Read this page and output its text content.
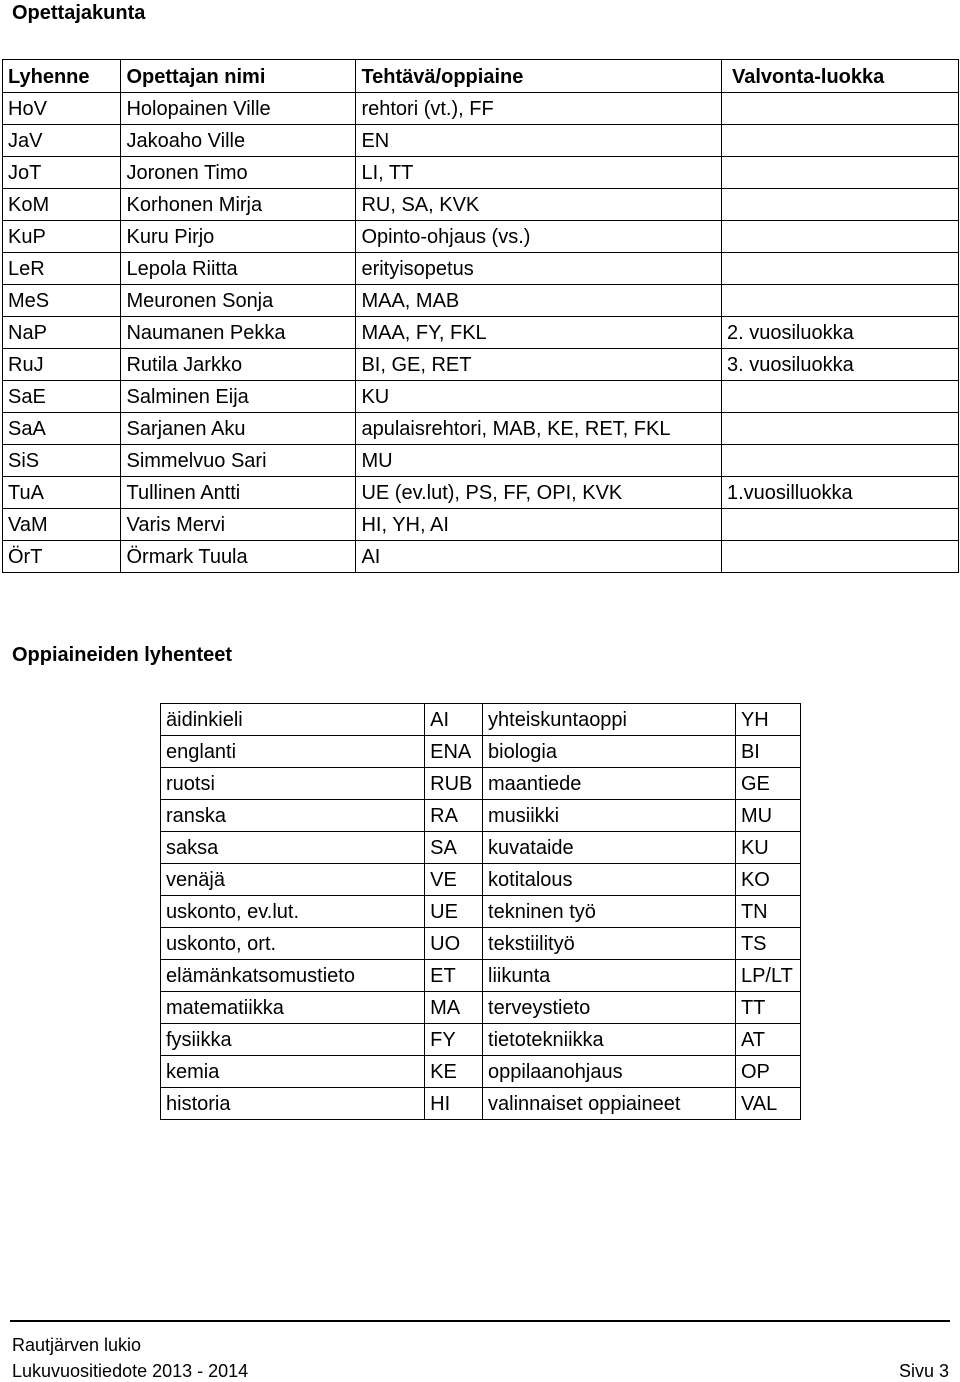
Opettajakunta
Lyhenne	Opettajan nimi	Tehtävä/oppiaine	Valvonta-luokka
HoV	Holopainen Ville	rehtori (vt.), FF	
JaV	Jakoaho Ville	EN	
JoT	Joronen Timo	LI, TT	
KoM	Korhonen Mirja	RU, SA, KVK	
KuP	Kuru Pirjo	Opinto-ohjaus (vs.)	
LeR	Lepola Riitta	erityisopetus	
MeS	Meuronen Sonja	MAA, MAB	
NaP	Naumanen Pekka	MAA, FY, FKL	2. vuosiluokka
RuJ	Rutila Jarkko	BI, GE, RET	3. vuosiluokka
SaE	Salminen Eija	KU	
SaA	Sarjanen Aku	apulaisrehtori, MAB, KE, RET, FKL	
SiS	Simmelvuo Sari	MU	
TuA	Tullinen Antti	UE (ev.lut), PS, FF, OPI, KVK	1.vuosilluokka
VaM	Varis Mervi	HI, YH, AI	
ÖrT	Örmark Tuula	AI	
Oppiaineiden lyhenteet
äidinkieli	AI	yhteiskuntaoppi	YH
englanti	ENA	biologia	BI
ruotsi	RUB	maantiede	GE
ranska	RA	musiikki	MU
saksa	SA	kuvataide	KU
venäjä	VE	kotitalous	KO
uskonto, ev.lut.	UE	tekninen työ	TN
uskonto, ort.	UO	tekstiilityö	TS
elämänkatsomustieto	ET	liikunta	LP/LT
matematiikka	MA	terveystieto	TT
fysiikka	FY	tietotekniikka	AT
kemia	KE	oppilaanohjaus	OP
historia	HI	valinnaiset oppiaineet	VAL
Rautjärven lukio
Lukuvuositiedote 2013 - 2014	Sivu 3
